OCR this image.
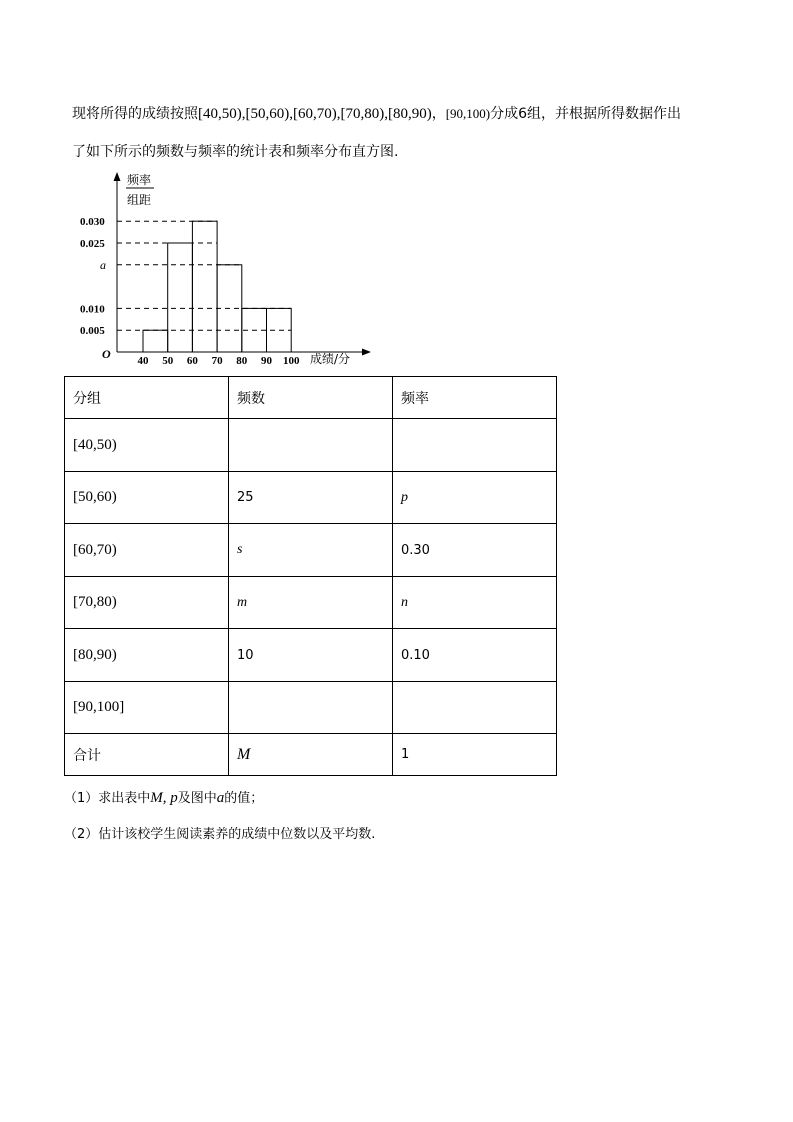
现将所得的成绩按照[40,50),[50,60),[60,70),[70,80),[80,90)，[90,100)分成6组，并根据所得数据作出
了如下所示的频数与频率的统计表和频率分布直方图.
频率
组距
O	成绩/分
0.030
0.025
a
0.010
0.005
40 50 60 70 80 90 100
分组	频数	频率
[40,50)		
[50,60)	25	p
[60,70)	s	0.30
[70,80)	m	n
[80,90)	10	0.10
[90,100]		
合计	M	1
（1）求出表中M, p及图中a的值；
（2）估计该校学生阅读素养的成绩中位数以及平均数.
